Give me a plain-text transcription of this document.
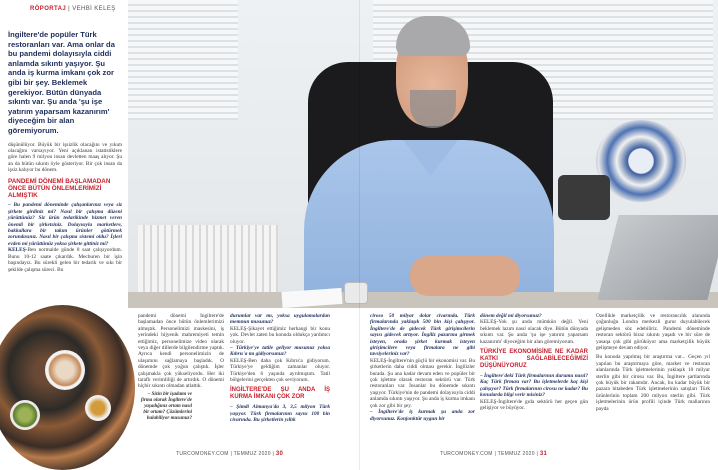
RÖPORTAJ | VEHBİ KELEŞ

İngiltere'de popüler Türk restoranları var. Ama onlar da bu pandemi dolayısıyla ciddi anlamda sıkıntı yaşıyor. Şu anda iş kurma imkanı çok zor gibi bir şey. Beklemek gerekiyor. Bütün dünyada sıkıntı var. Şu anda 'şu işe yatırım yaparsam kazanırım' diyeceğim bir alan göremiyorum.

düşünülüyor. Büyük bir işsizlik olacağını ve yıkım olacağını varsayıyor. Yeni açıklanan istatistiklere göre halen 9 milyon insan devletten maaş alıyor. Şu an da bütün sıkıntı öyle gösteriyor. Bir çok insan da işsiz kalıyor bu dönem.

PANDEMİ DÖNEMİ BAŞLAMADAN ÖNCE BÜTÜN ÖNLEMLERİMİZİ ALMIŞTIK

– Bu pandemi döneminde çalışanlarınız veya siz şirkete girdiniz mi? Nasıl bir çalışma düzeni yürüttünüz? Siz ürün tedarikinde hizmet veren önemli bir şirketsiniz. Dolayısıyla marketlere, bakkallara bir takım ürünler götürmek zorundasınız. Nasıl bir çalışma sistemi oldu? İşleri evden mi yürüttünüz yoksa şirkete gittiniz mi?

KELEŞ-Ben normalde günde 8 saat çalışıyordum. Bunu 10-12 saate çıkardık. Mecburen bir işin başındayız. Bu sürekli gelen bir tedarik ve sıkı bir şekilde çalışma süreci. Bu

pandemi dönemi İngiltere'de başlamadan önce bütün önlemlerimizi almıştık. Personelimizi maskesini, iş yerindeki hijyenik mahremiyeti temin ettiğimiz, personelimize video olarak veya diğer dillerde bilgilendirme yaptık. Ayrıca kendi personelimizin de ulaşımını sağlamaya başladık. O dönemde çok yoğun çalıştık. İşler çalışmakla çok yükseliyordu. Her iki taraflı verimliliği de artırdık. O dönemi hiçbir sıkıntı olmadan atlattık.

– Sizin bir işadamı ve firma olarak İngiltere'de yaşadığınız ortam nasıl bir ortam? Çözümlerini bulabiliyor musunuz?

durumlar var mı, yoksa uygulamalardan memnun musunuz?

KELEŞ-Şikayet ettiğimiz herhangi bir konu yok. Devlet zaten bu konuda oldukça yardımcı oluyor.

– Türkiye'ye tatile geliyor musunuz yoksa Kıbrıs'a mı gidiyorsunuz?

KELEŞ-Ben daha çok Kıbrıs'a gidiyorum. Türkiye'ye geldiğim zamanlar oluyor. Türkiye'den 6 yaşında ayrılmıştım. Tatil bölgelerini gerçekten çok seviyorum.

İNGİLTERE'DE ŞU ANDA İŞ KURMA İMKANI ÇOK ZOR

– Şimdi Almanya'da 3, 3,5 milyon Türk yaşıyor. Türk firmalarının sayısı 100 bin civarında. Bu şirketlerin yıllık

ciroso 50 milyar dolar civarında. Türk firmalarında yaklaşık 500 bin kişi çalışıyor. İngiltere'de de gidecek Türk girişimcilerin sayısı gidecek artıyor. İngiliz pazarına girmek isteyen, orada şirket kurmak isteyen girişimcilere veya firmalara ne gibi tavsiyeleriniz var?

KELEŞ-İngiltere'nin güçlü bir ekonomisi var. Bu şirketlerin daha ciddi olması gerekir. İngilizler burada. Şu ana kadar devam eden ve popüler bir çok işletme olarak restoran sektörü var. Türk restoranları var. İnsanlar bu dönemde sıkıntı yaşıyor. Türkiye'nin de pandemi dolayısıyla ciddi anlamda sıkıntı yaşıyor. Şu anda iş kurma imkanı çok zor gibi bir şey.

– İngiltere'de iş kurmak şu anda zor diyorsunuz. Konjonktür uygun bir

dönem değil mi diyorsunuz?

KELEŞ-Yok şu anda mümkün değil. Yeni beklemek lazım nasıl olacak diye. Bütün dünyada sıkıntı var. Şu anda 'şu işe yatırım yaparsam kazanırım' diyeceğim bir alan göremiyorum.

TÜRKİYE EKONOMİSİNE NE KADAR KATKI SAĞLABİLECEĞİMİZİ DÜŞÜNÜYORUZ

– İngiltere'deki Türk firmalarının durumu nasıl? Kaç Türk firması var? Bu işletmelerde kaç kişi çalışıyor? Türk firmalarının cirosu ne kadar? Bu konularda bilgi verir misiniz?

KELEŞ-İngiltere'de gıda sektörü her geçen gün gelişiyor ve büyüyor.

Özellikle marketçilik ve restorancılık alanında çoğunluğu Londra merkezli gurur duyulabilecek gelişmeden söz edebiliriz. Pandemi döneminde restoran sektörü biraz sıkıntı yaşadı ve bir süre de yasaqa çok gibi görüküyor ama marketçilik büyük gelişmeye devam ediyor.

Bu konuda yapılmış bir araştırma var... Geçen yıl yapılan bu araştırmaya göre, market ve restoran alanlarında Türk işletmelerinin yaklaşık 10 milyar sterlin gibi bir cirosu var. Bu, İngiltere şartlarında çok büyük bir rakamdır. Ancak, bu kadar büyük bir pazara hitabeden Türk işletmelerinin satışları Türk ürünlerinin toplam 200 milyon sterlin gibi. Türk işletmelerinin ürün profili içinde Türk mallarının payda

TURCOMONEY.COM | TEMMUZ 2020 | 30	TURCOMONEY.COM | TEMMUZ 2020 | 31
